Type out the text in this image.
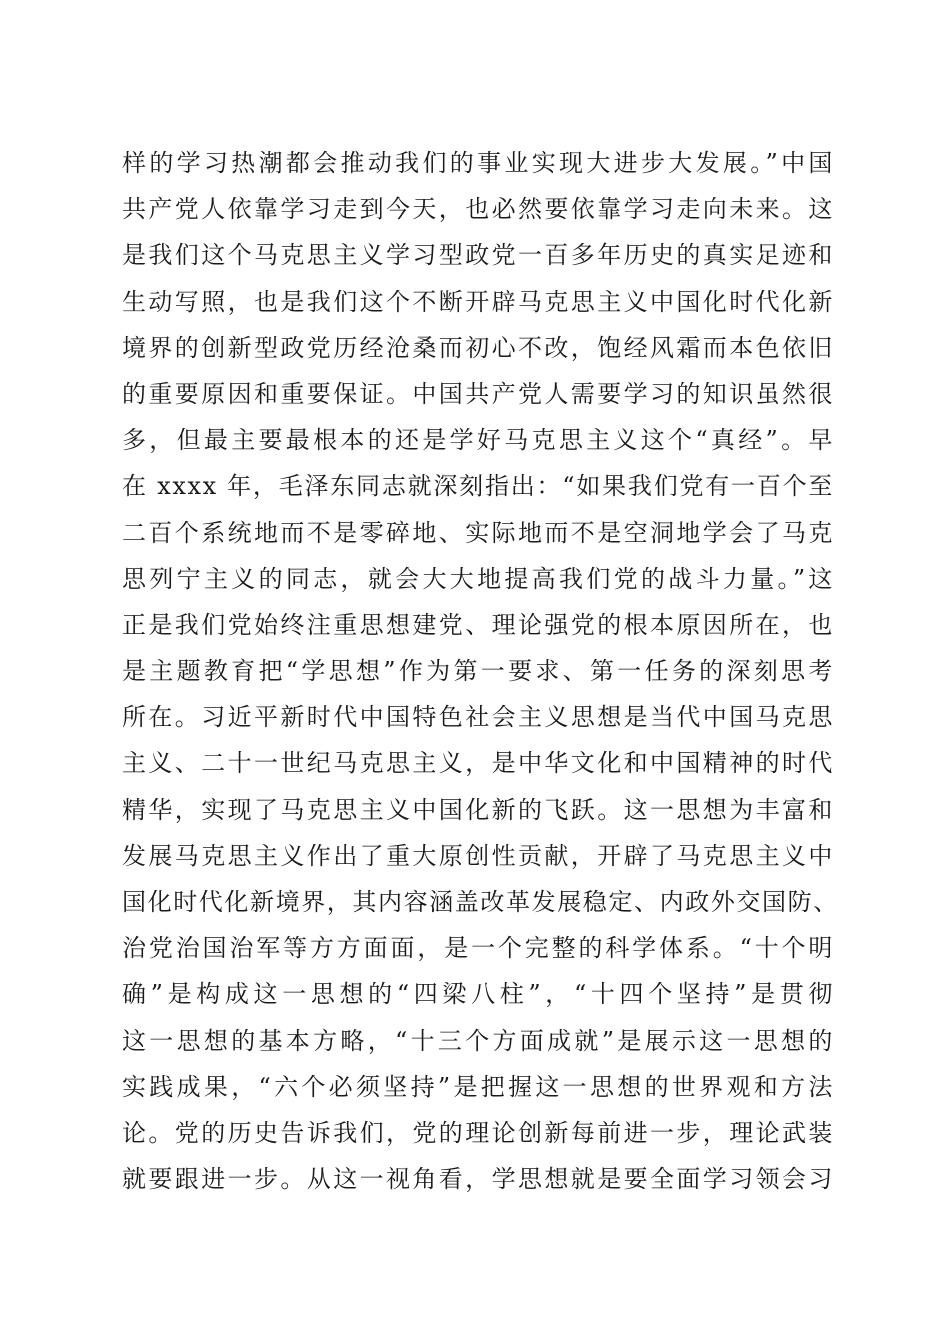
样的学习热潮都会推动我们的事业实现大进步大发展。”中国
共产党人依靠学习走到今天，也必然要依靠学习走向未来。这
是我们这个马克思主义学习型政党一百多年历史的真实足迹和
生动写照，也是我们这个不断开辟马克思主义中国化时代化新
境界的创新型政党历经沧桑而初心不改，饱经风霜而本色依旧
的重要原因和重要保证。中国共产党人需要学习的知识虽然很
多，但最主要最根本的还是学好马克思主义这个“真经”。早
在 xxxx 年，毛泽东同志就深刻指出：“如果我们党有一百个至
二百个系统地而不是零碎地、实际地而不是空洞地学会了马克
思列宁主义的同志，就会大大地提高我们党的战斗力量。”这
正是我们党始终注重思想建党、理论强党的根本原因所在，也
是主题教育把“学思想”作为第一要求、第一任务的深刻思考
所在。习近平新时代中国特色社会主义思想是当代中国马克思
主义、二十一世纪马克思主义，是中华文化和中国精神的时代
精华，实现了马克思主义中国化新的飞跃。这一思想为丰富和
发展马克思主义作出了重大原创性贡献，开辟了马克思主义中
国化时代化新境界，其内容涵盖改革发展稳定、内政外交国防、
治党治国治军等方方面面，是一个完整的科学体系。“十个明
确”是构成这一思想的“四梁八柱”，“十四个坚持”是贯彻
这一思想的基本方略，“十三个方面成就”是展示这一思想的
实践成果，“六个必须坚持”是把握这一思想的世界观和方法
论。党的历史告诉我们，党的理论创新每前进一步，理论武装
就要跟进一步。从这一视角看，学思想就是要全面学习领会习
